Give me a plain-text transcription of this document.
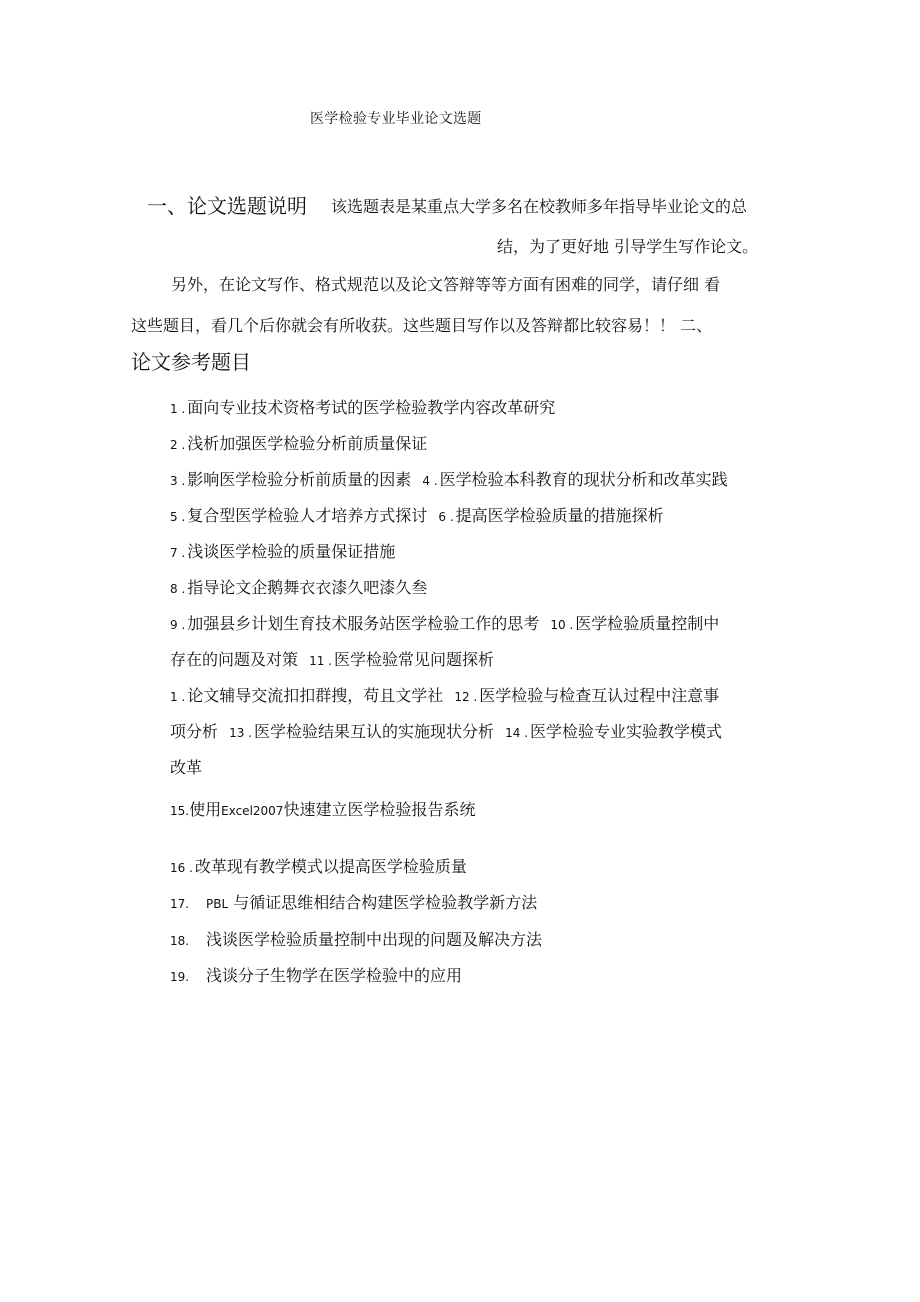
医学检验专业毕业论文选题
一、论文选题说明 该选题表是某重点大学多名在校教师多年指导毕业论文的总
结，为了更好地 引导学生写作论文。
另外，在论文写作、格式规范以及论文答辩等等方面有困难的同学，请仔细 看
这些题目，看几个后你就会有所收获。这些题目写作以及答辩都比较容易！！ 二、
论文参考题目
1 . 面向专业技术资格考试的医学检验教学内容改革研究
2 . 浅析加强医学检验分析前质量保证
3 . 影响医学检验分析前质量的因素 4 . 医学检验本科教育的现状分析和改革实践
5 . 复合型医学检验人才培养方式探讨 6 . 提高医学检验质量的措施探析
7 . 浅谈医学检验的质量保证措施
8 . 指导论文企鹅舞衣衣漆久吧漆久叁
9 . 加强县乡计划生育技术服务站医学检验工作的思考 10 . 医学检验质量控制中
存在的问题及对策 11 . 医学检验常见问题探析
1 . 论文辅导交流扣扣群搜，苟且文学社 12 . 医学检验与检查互认过程中注意事
项分析 13 . 医学检验结果互认的实施现状分析 14 . 医学检验专业实验教学模式
改革
15.使用Excel2007快速建立医学检验报告系统
16 . 改革现有教学模式以提高医学检验质量
17. PBL 与循证思维相结合构建医学检验教学新方法
18. 浅谈医学检验质量控制中出现的问题及解决方法
19. 浅谈分子生物学在医学检验中的应用
